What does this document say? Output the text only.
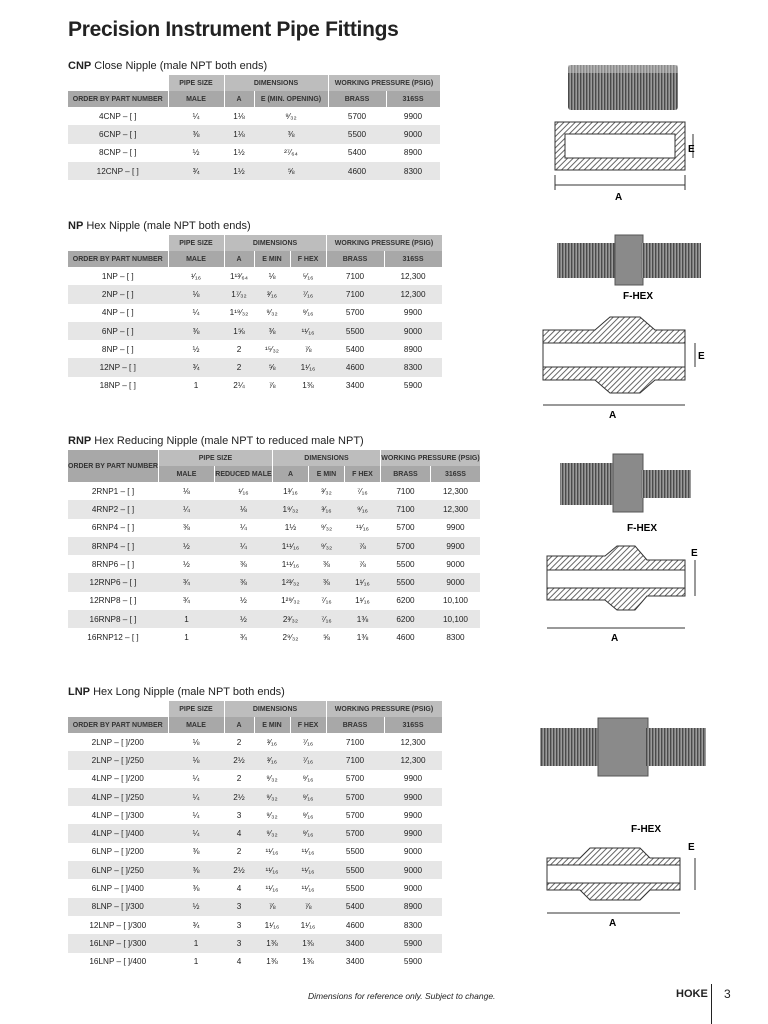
Precision Instrument Pipe Fittings
CNP Close Nipple (male NPT both ends)
	PIPE SIZE	DIMENSIONS		WORKING PRESSURE (PSIG)	
ORDER BY PART NUMBER	MALE	A	E (MIN. OPENING)	BRASS	316SS
4CNP – [ ]	¼	1⅛	⁹⁄₃₂	5700	9900
6CNP – [ ]	⅜	1⅛	⅜	5500	9000
8CNP – [ ]	½	1½	²⁷⁄₆₄	5400	8900
12CNP – [ ]	¾	1½	⅝	4600	8300
NP Hex Nipple (male NPT both ends)
	PIPE SIZE	DIMENSIONS			WORKING PRESSURE (PSIG)	
ORDER BY PART NUMBER	MALE	A	E MIN	F HEX	BRASS	316SS
1NP – [ ]	¹⁄₁₆	1¹³⁄₆₄	⅛	⁵⁄₁₆	7100	12,300
2NP – [ ]	⅛	1⁷⁄₃₂	³⁄₁₆	⁷⁄₁₆	7100	12,300
4NP – [ ]	¼	1¹⁹⁄₃₂	⁹⁄₃₂	⁹⁄₁₆	5700	9900
6NP – [ ]	⅜	1⅝	⅜	¹¹⁄₁₆	5500	9000
8NP – [ ]	½	2	¹⁵⁄₃₂	⅞	5400	8900
12NP – [ ]	¾	2	⅝	1¹⁄₁₆	4600	8300
18NP – [ ]	1	2¼	⅞	1⅜	3400	5900
RNP Hex Reducing Nipple (male NPT to reduced male NPT)
ORDER BY PART NUMBER	PIPE SIZE		DIMENSIONS			WORKING PRESSURE (PSIG)	
	MALE	REDUCED MALE	A	E MIN	F HEX	BRASS	316SS
2RNP1 – [ ]	⅛	¹⁄₁₆	1³⁄₁₆	³⁄₃₂	⁷⁄₁₆	7100	12,300
4RNP2 – [ ]	¼	⅛	1⁹⁄₃₂	³⁄₁₆	⁹⁄₁₆	7100	12,300
6RNP4 – [ ]	⅜	¼	1½	⁹⁄₃₂	¹¹⁄₁₆	5700	9900
8RNP4 – [ ]	½	¼	1¹¹⁄₁₆	⁹⁄₃₂	⅞	5700	9900
8RNP6 – [ ]	½	⅜	1¹¹⁄₁₆	⅜	⅞	5500	9000
12RNP6 – [ ]	¾	⅜	1²³⁄₃₂	⅜	1¹⁄₁₆	5500	9000
12RNP8 – [ ]	¾	½	1²⁹⁄₃₂	⁷⁄₁₆	1¹⁄₁₆	6200	10,100
16RNP8 – [ ]	1	½	2³⁄₃₂	⁷⁄₁₆	1⅜	6200	10,100
16RNP12 – [ ]	1	¾	2⁹⁄₃₂	⅝	1⅜	4600	8300
LNP Hex Long Nipple (male NPT both ends)
	PIPE SIZE	DIMENSIONS			WORKING PRESSURE (PSIG)	
ORDER BY PART NUMBER	MALE	A	E MIN	F HEX	BRASS	316SS
2LNP – [ ]/200	⅛	2	³⁄₁₆	⁷⁄₁₆	7100	12,300
2LNP – [ ]/250	⅛	2½	³⁄₁₆	⁷⁄₁₆	7100	12,300
4LNP – [ ]/200	¼	2	⁹⁄₃₂	⁹⁄₁₆	5700	9900
4LNP – [ ]/250	¼	2½	⁹⁄₃₂	⁹⁄₁₆	5700	9900
4LNP – [ ]/300	¼	3	⁹⁄₃₂	⁹⁄₁₆	5700	9900
4LNP – [ ]/400	¼	4	⁹⁄₃₂	⁹⁄₁₆	5700	9900
6LNP – [ ]/200	⅜	2	¹¹⁄₁₆	¹¹⁄₁₆	5500	9000
6LNP – [ ]/250	⅜	2½	¹¹⁄₁₆	¹¹⁄₁₆	5500	9000
6LNP – [ ]/400	⅜	4	¹¹⁄₁₆	¹¹⁄₁₆	5500	9000
8LNP – [ ]/300	½	3	⅞	⅞	5400	8900
12LNP – [ ]/300	¾	3	1¹⁄₁₆	1¹⁄₁₆	4600	8300
16LNP – [ ]/300	1	3	1⅜	1⅜	3400	5900
16LNP – [ ]/400	1	4	1⅜	1⅜	3400	5900
A
E
F-HEX
A
E
F-HEX
A
E
F-HEX
A
E
Dimensions for reference only. Subject to change.	HOKE 3
